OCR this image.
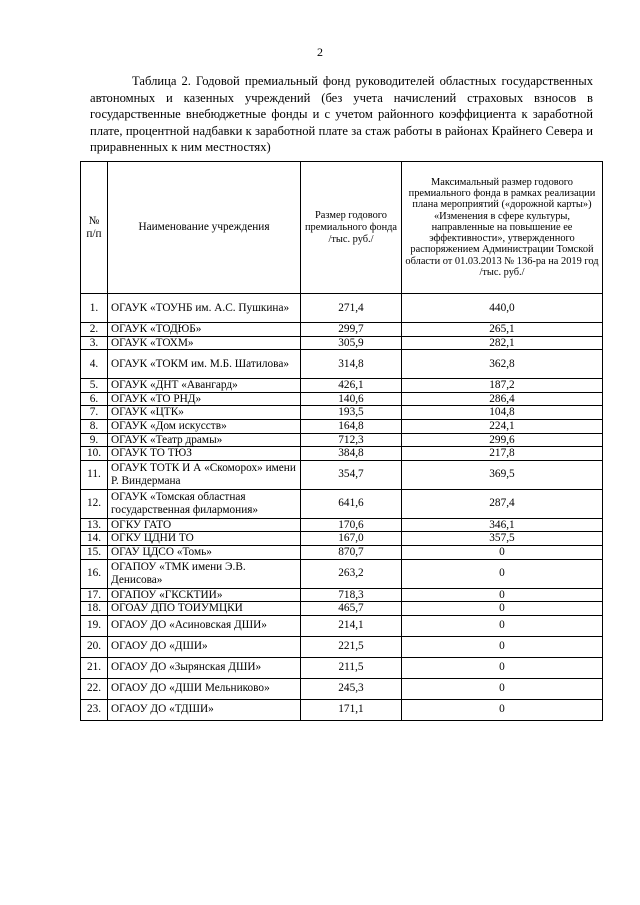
2
Таблица 2. Годовой премиальный фонд руководителей областных государственных автономных и казенных учреждений (без учета начислений страховых взносов в государственные внебюджетные фонды и с учетом районного коэффициента к заработной плате, процентной надбавки к заработной плате за стаж работы в районах Крайнего Севера и приравненных к ним местностях)
№ п/п	Наименование учреждения	Размер годового премиального фонда /тыс. руб./	Максимальный размер годового премиального фонда в рамках реализации плана мероприятий («дорожной карты») «Изменения в сфере культуры, направленные на повышение ее эффективности», утвержденного распоряжением Администрации Томской области от 01.03.2013 № 136-ра на 2019 год /тыс. руб./
1.	ОГАУК «ТОУНБ им. А.С. Пушкина»	271,4	440,0
2.	ОГАУК «ТОДЮБ»	299,7	265,1
3.	ОГАУК «ТОХМ»	305,9	282,1
4.	ОГАУК «ТОКМ им. М.Б. Шатилова»	314,8	362,8
5.	ОГАУК «ДНТ «Авангард»	426,1	187,2
6.	ОГАУК «ТО РНД»	140,6	286,4
7.	ОГАУК «ЦТК»	193,5	104,8
8.	ОГАУК «Дом искусств»	164,8	224,1
9.	ОГАУК «Театр драмы»	712,3	299,6
10.	ОГАУК ТО ТЮЗ	384,8	217,8
11.	ОГАУК ТОТК И А «Скоморох» имени Р. Виндермана	354,7	369,5
12.	ОГАУК «Томская областная государственная филармония»	641,6	287,4
13.	ОГКУ ГАТО	170,6	346,1
14.	ОГКУ ЦДНИ ТО	167,0	357,5
15.	ОГАУ ЦДСО «Томь»	870,7	0
16.	ОГАПОУ «ТМК имени Э.В. Денисова»	263,2	0
17.	ОГАПОУ «ГКСКТИИ»	718,3	0
18.	ОГОАУ ДПО ТОИУМЦКИ	465,7	0
19.	ОГАОУ ДО «Асиновская ДШИ»	214,1	0
20.	ОГАОУ ДО «ДШИ»	221,5	0
21.	ОГАОУ ДО «Зырянская ДШИ»	211,5	0
22.	ОГАОУ ДО «ДШИ Мельниково»	245,3	0
23.	ОГАОУ ДО «ТДШИ»	171,1	0
